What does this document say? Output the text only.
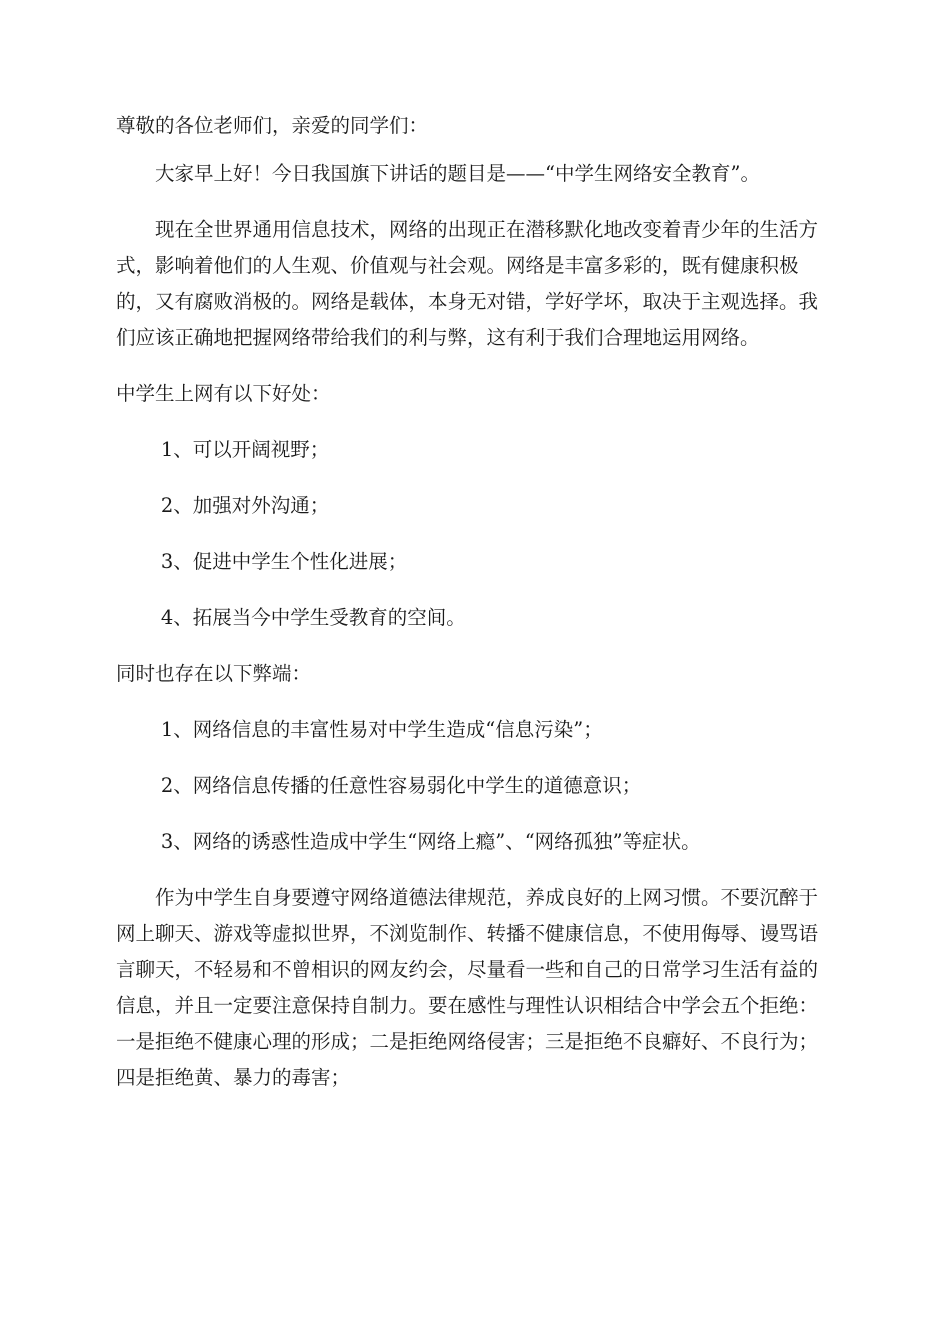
尊敬的各位老师们，亲爱的同学们：

大家早上好！今日我国旗下讲话的题目是——“中学生网络安全教育”。

现在全世界通用信息技术，网络的出现正在潜移默化地改变着青少年的生活方式，影响着他们的人生观、价值观与社会观。网络是丰富多彩的，既有健康积极的，又有腐败消极的。网络是载体，本身无对错，学好学坏，取决于主观选择。我们应该正确地把握网络带给我们的利与弊，这有利于我们合理地运用网络。

中学生上网有以下好处：

1、可以开阔视野；

2、加强对外沟通；

3、促进中学生个性化进展；

4、拓展当今中学生受教育的空间。

同时也存在以下弊端：

1、网络信息的丰富性易对中学生造成“信息污染”；

2、网络信息传播的任意性容易弱化中学生的道德意识；

3、网络的诱惑性造成中学生“网络上瘾”、“网络孤独”等症状。

作为中学生自身要遵守网络道德法律规范，养成良好的上网习惯。不要沉醉于网上聊天、游戏等虚拟世界，不浏览制作、转播不健康信息，不使用侮辱、谩骂语言聊天，不轻易和不曾相识的网友约会，尽量看一些和自己的日常学习生活有益的信息，并且一定要注意保持自制力。要在感性与理性认识相结合中学会五个拒绝：一是拒绝不健康心理的形成；二是拒绝网络侵害；三是拒绝不良癖好、不良行为；四是拒绝黄、暴力的毒害；
